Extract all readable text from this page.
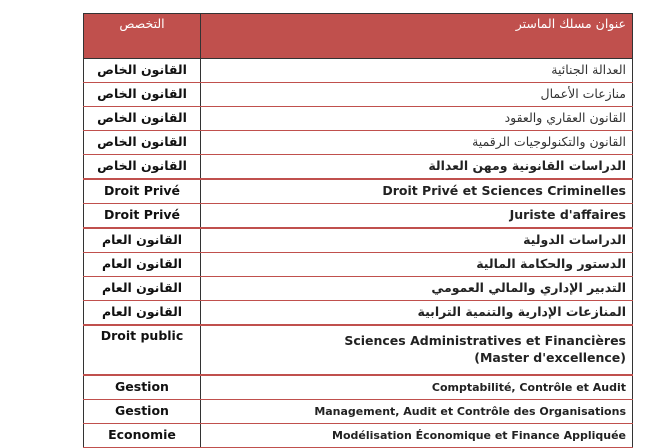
التخصص	عنوان مسلك الماستر
القانون الخاص	العدالة الجنائية
القانون الخاص	منازعات الأعمال
القانون الخاص	القانون العقاري والعقود
القانون الخاص	القانون والتكنولوجيات الرقمية
القانون الخاص	الدراسات القانونية ومهن العدالة
Droit Privé	Droit Privé et Sciences Criminelles
Droit Privé	Juriste d'affaires
القانون العام	الدراسات الدولية
القانون العام	الدستور والحكامة المالية
القانون العام	التدبير الإداري والمالي العمومي
القانون العام	المنازعات الإدارية والتنمية الترابية
Droit public	Sciences Administratives et Financières
(Master d'excellence)

Gestion	Comptabilité, Contrôle et Audit
Gestion	Management, Audit et Contrôle des Organisations
Economie	Modélisation Économique et Finance Appliquée
